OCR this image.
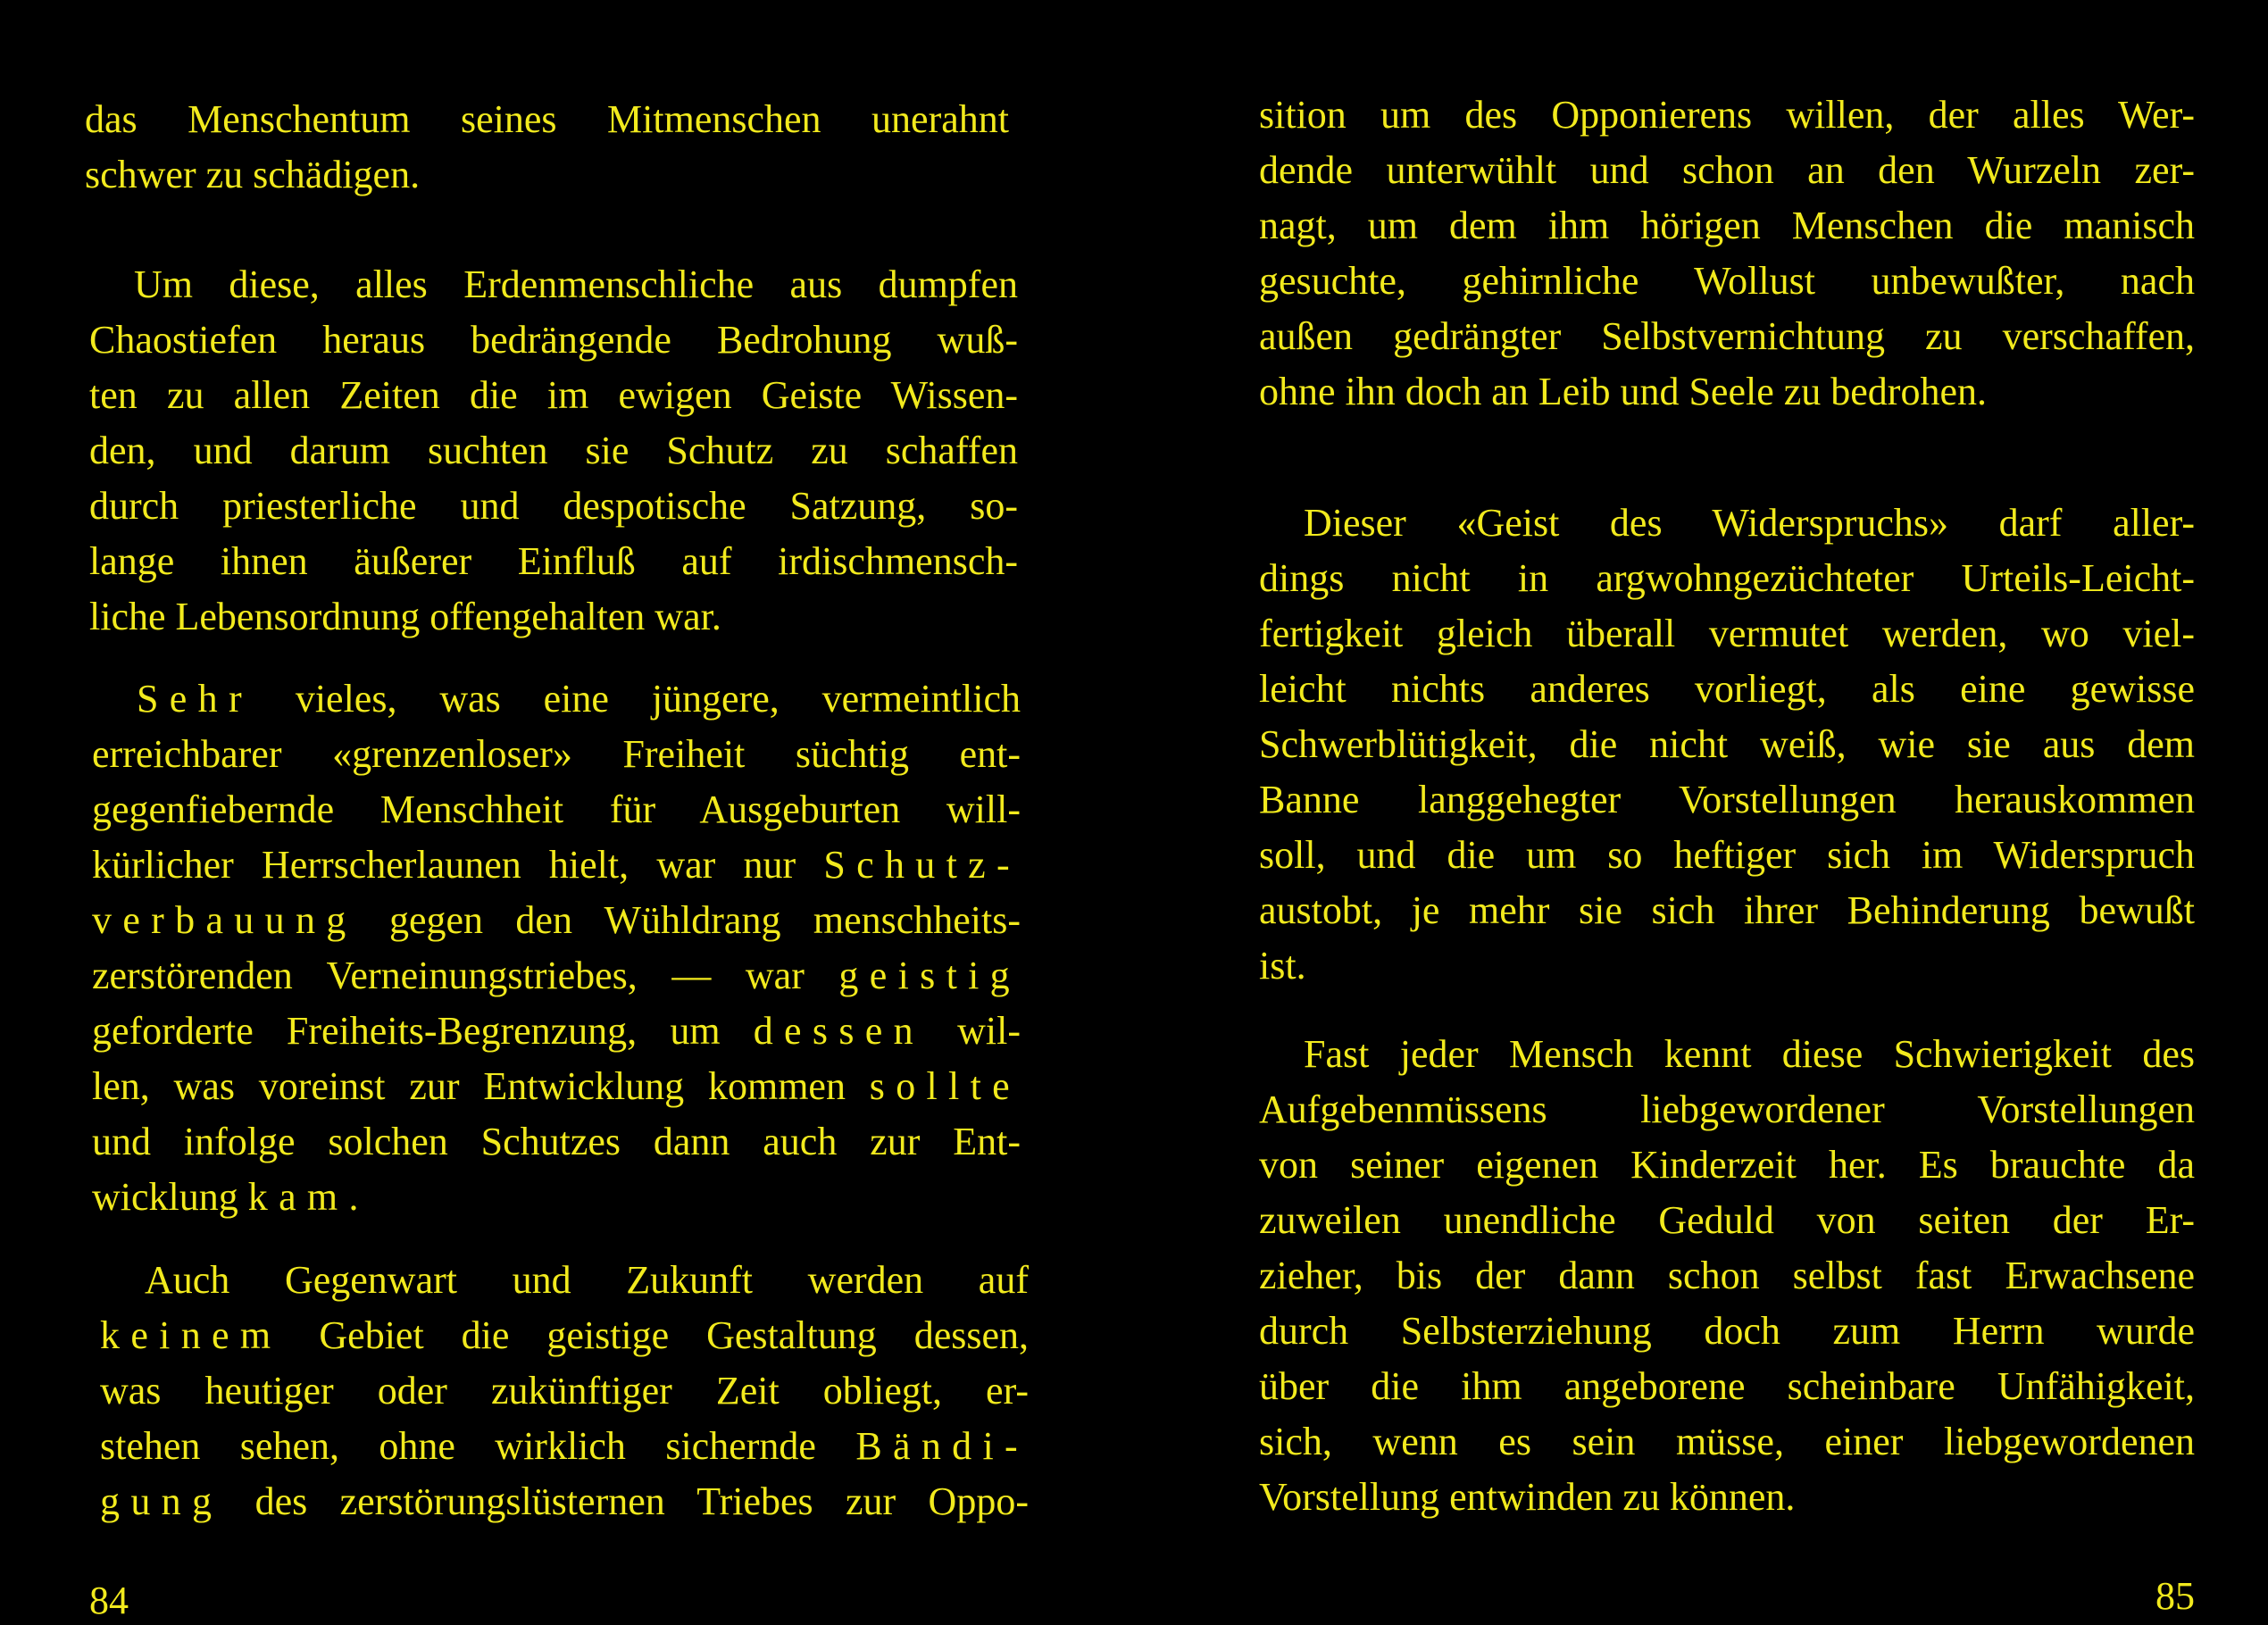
das Menschentum seines Mitmenschen unerahnt
schwer zu schädigen.

Um diese, alles Erdenmenschliche aus dumpfen
Chaostiefen heraus bedrängende Bedrohung wuß-
ten zu allen Zeiten die im ewigen Geiste Wissen-
den, und darum suchten sie Schutz zu schaffen
durch priesterliche und despotische Satzung, so-
lange ihnen äußerer Einfluß auf irdischmensch-
liche Lebensordnung offengehalten war.

Sehr vieles, was eine jüngere, vermeintlich
erreichbarer «grenzenloser» Freiheit süchtig ent-
gegenfiebernde Menschheit für Ausgeburten will-
kürlicher Herrscherlaunen hielt, war nur Schutz-
verbauung gegen den Wühldrang menschheits-
zerstörenden Verneinungstriebes, — war geistig
geforderte Freiheits-Begrenzung, um dessen wil-
len, was voreinst zur Entwicklung kommen sollte
und infolge solchen Schutzes dann auch zur Ent-
wicklung kam.

Auch Gegenwart und Zukunft werden auf
keinem Gebiet die geistige Gestaltung dessen,
was heutiger oder zukünftiger Zeit obliegt, er-
stehen sehen, ohne wirklich sichernde Bändi-
gung des zerstörungslüsternen Triebes zur Oppo-

84

sition um des Opponierens willen, der alles Wer-
dende unterwühlt und schon an den Wurzeln zer-
nagt, um dem ihm hörigen Menschen die manisch
gesuchte, gehirnliche Wollust unbewußter, nach
außen gedrängter Selbstvernichtung zu verschaffen,
ohne ihn doch an Leib und Seele zu bedrohen.

Dieser «Geist des Widerspruchs» darf aller-
dings nicht in argwohngezüchteter Urteils-Leicht-
fertigkeit gleich überall vermutet werden, wo viel-
leicht nichts anderes vorliegt, als eine gewisse
Schwerblütigkeit, die nicht weiß, wie sie aus dem
Banne langgehegter Vorstellungen herauskommen
soll, und die um so heftiger sich im Widerspruch
austobt, je mehr sie sich ihrer Behinderung bewußt
ist.

Fast jeder Mensch kennt diese Schwierigkeit des
Aufgebenmüssens liebgewordener Vorstellungen
von seiner eigenen Kinderzeit her. Es brauchte da
zuweilen unendliche Geduld von seiten der Er-
zieher, bis der dann schon selbst fast Erwachsene
durch Selbsterziehung doch zum Herrn wurde
über die ihm angeborene scheinbare Unfähigkeit,
sich, wenn es sein müsse, einer liebgewordenen
Vorstellung entwinden zu können.

85
